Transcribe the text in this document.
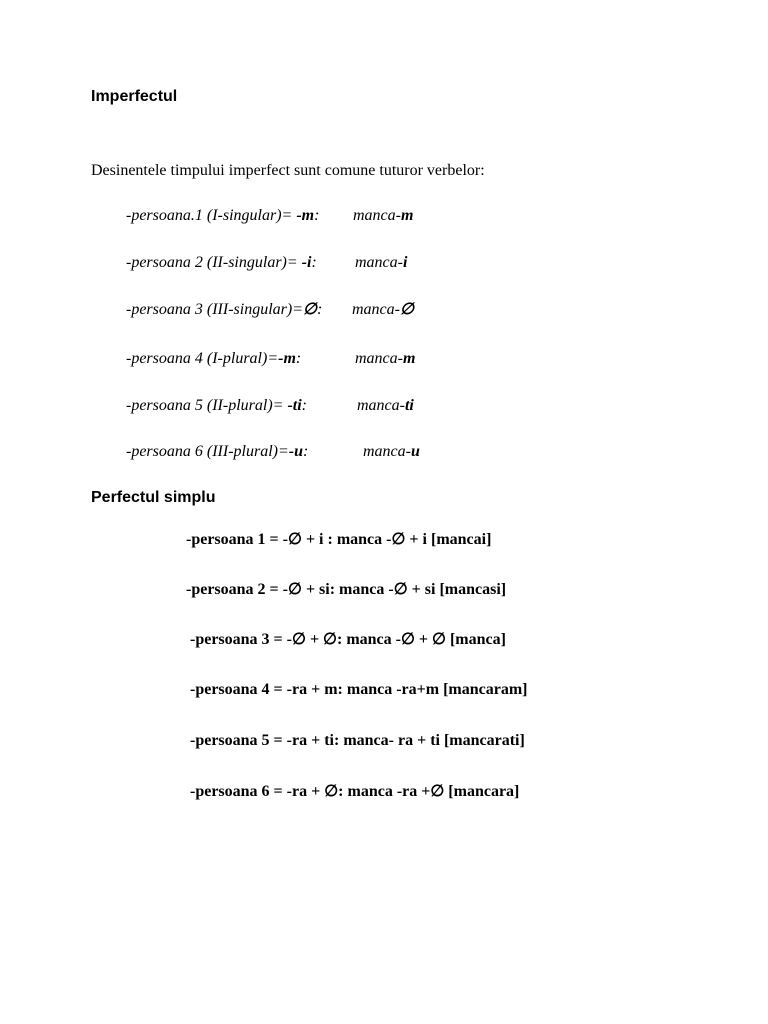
Imperfectul
Desinentele timpului imperfect sunt comune tuturor verbelor:
-persoana.1 (I-singular)= -m: manca-m
-persoana 2 (II-singular)= -i: manca-i
-persoana 3 (III-singular)=∅: manca-∅
-persoana 4 (I-plural)=-m:	manca-m
-persoana 5 (II-plural)= -ti:	manca-ti
-persoana 6 (III-plural)=-u:	manca-u
Perfectul simplu
-persoana 1 = -∅ + i : manca -∅ + i [mancai]
-persoana 2 = -∅ + si: manca -∅ + si [mancasi]
-persoana 3 = -∅ + ∅: manca -∅ + ∅ [manca]
-persoana 4 = -ra + m: manca -ra+m [mancaram]
-persoana 5 = -ra + ti: manca- ra + ti [mancarati]
-persoana 6 = -ra + ∅: manca -ra +∅ [mancara]
